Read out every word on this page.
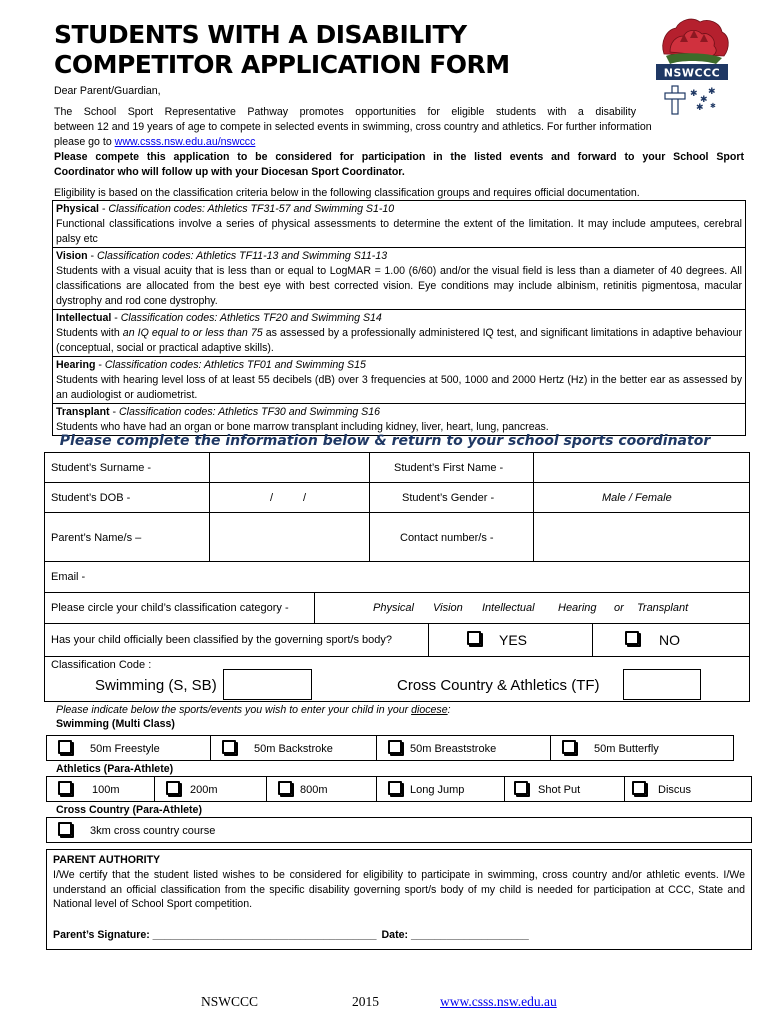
STUDENTS WITH A DISABILITY
COMPETITOR APPLICATION FORM	NSWCCC
✱
✱
✱
✱ ✱
Dear Parent/Guardian,
The School Sport Representative Pathway promotes opportunities for eligible students with a disability
between 12 and 19 years of age to compete in selected events in swimming, cross country and athletics. For further information
please go to www.csss.nsw.edu.au/nswccc
Please compete this application to be considered for participation in the listed events and forward to your School Sport
Coordinator who will follow up with your Diocesan Sport Coordinator.
Eligibility is based on the classification criteria below in the following classification groups and requires official documentation.
Physical - Classification codes: Athletics TF31-57 and Swimming S1-10
Functional classifications involve a series of physical assessments to determine the extent of the limitation. It may include amputees, cerebral palsy etc
Vision - Classification codes: Athletics TF11-13 and Swimming S11-13
Students with a visual acuity that is less than or equal to LogMAR = 1.00 (6/60) and/or the visual field is less than a diameter of 40 degrees. All classifications are allocated from the best eye with best corrected vision. Eye conditions may include albinism, retinitis pigmentosa, macular dystrophy and rod cone dystrophy.
Intellectual - Classification codes: Athletics TF20 and Swimming S14
Students with an IQ equal to or less than 75 as assessed by a professionally administered IQ test, and significant limitations in adaptive behaviour (conceptual, social or practical adaptive skills).
Hearing - Classification codes: Athletics TF01 and Swimming S15
Students with hearing level loss of at least 55 decibels (dB) over 3 frequencies at 500, 1000 and 2000 Hertz (Hz) in the better ear as assessed by an audiologist or audiometrist.
Transplant - Classification codes: Athletics TF30 and Swimming S16
Students who have had an organ or bone marrow transplant including kidney, liver, heart, lung, pancreas.
Please complete the information below & return to your school sports coordinator
Student’s Surname -	Student’s First Name -
Student’s DOB -	/	/	Student’s Gender -	Male / Female
Parent’s Name/s –	Contact number/s -
Email -
Please circle your child’s classification category -	Physical Vision Intellectual Hearing or Transplant
Has your child officially been classified by the governing sport/s body?	YES	NO
Classification Code :
Swimming (S, SB)	Cross Country & Athletics (TF)
Please indicate below the sports/events you wish to enter your child in your diocese:
Swimming (Multi Class)
50m Freestyle	50m Backstroke	50m Breaststroke	50m Butterfly
Athletics (Para-Athlete)
100m	200m	800m	Long Jump	Shot Put	Discus
Cross Country (Para-Athlete)
3km cross country course
PARENT AUTHORITY
I/We certify that the student listed wishes to be considered for eligibility to participate in swimming, cross country and/or athletic events. I/We understand an official classification from the specific disability governing sport/s body of my child is needed for participation at CCC, State and National level of School Sport competition.
Parent’s Signature: ______________________________________ Date: ____________________
NSWCCC	2015	www.csss.nsw.edu.au
